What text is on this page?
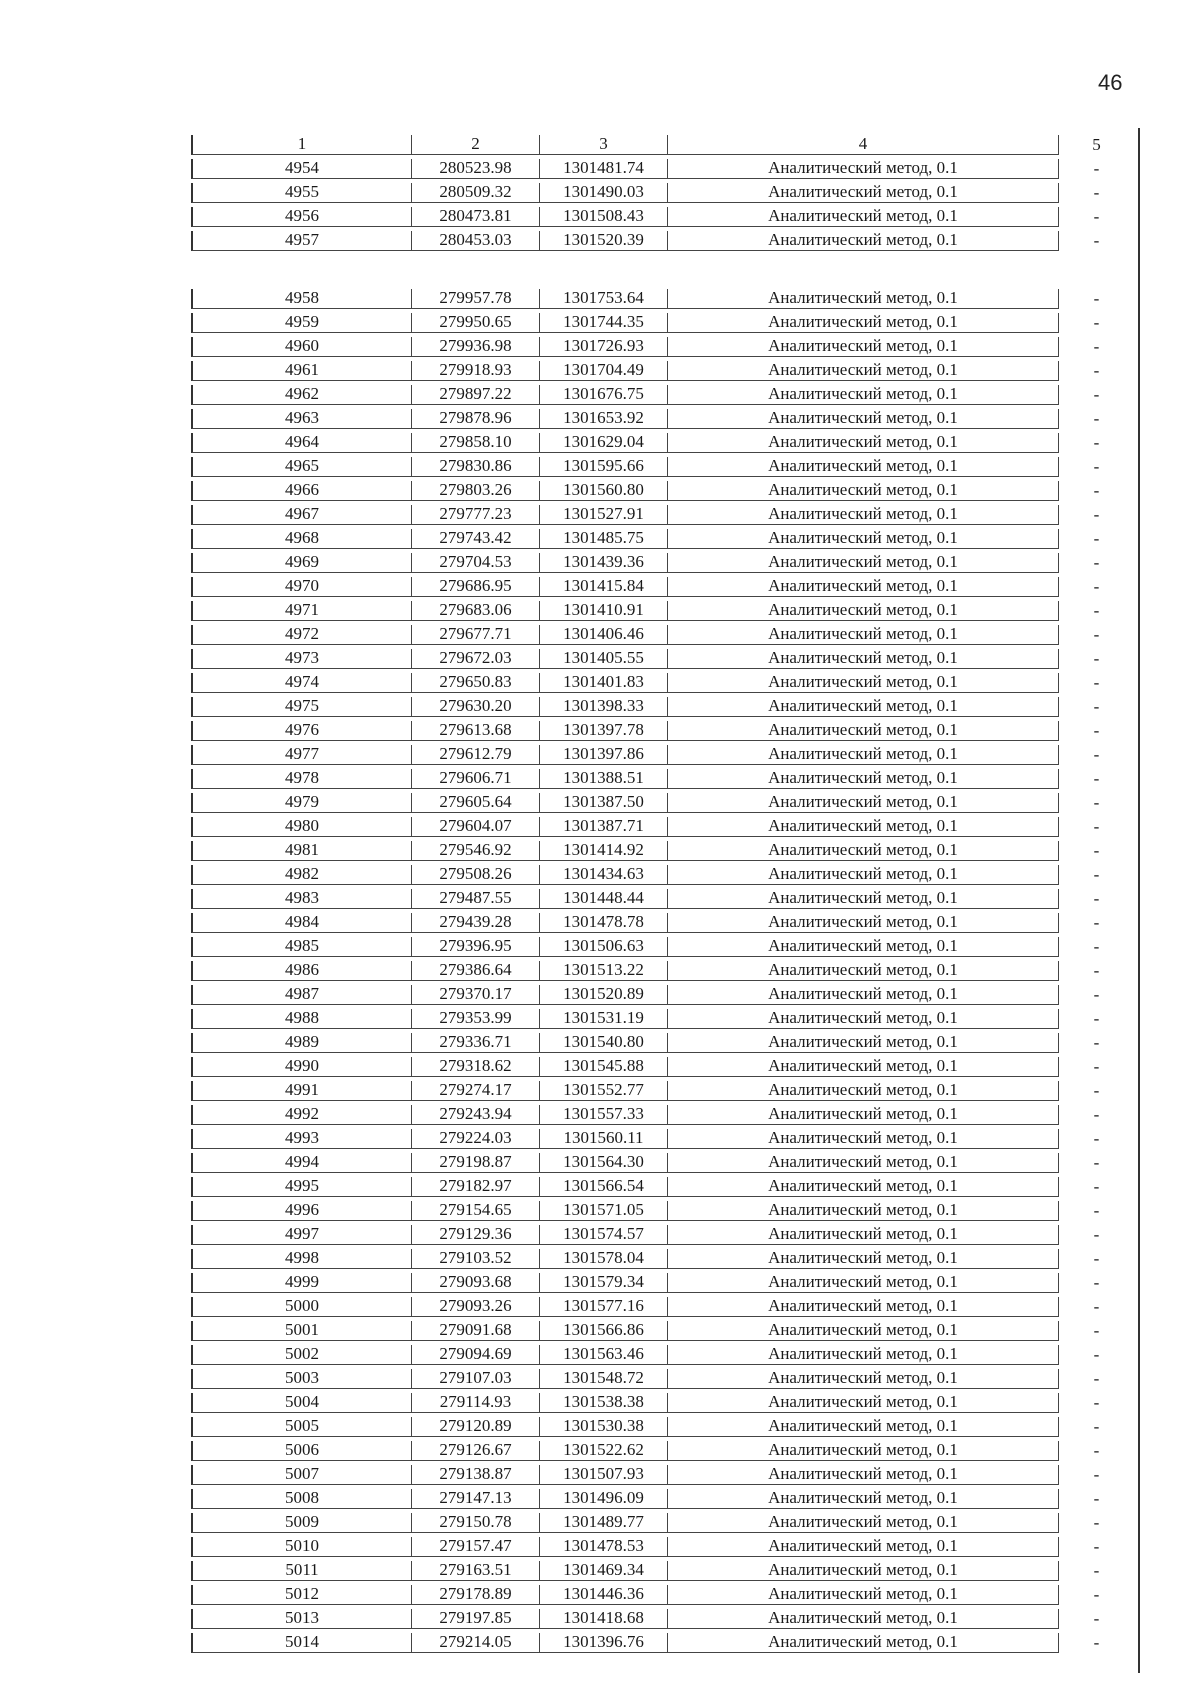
46
1	2	3	4	5
4954	280523.98	1301481.74	Аналитический метод, 0.1	-
4955	280509.32	1301490.03	Аналитический метод, 0.1	-
4956	280473.81	1301508.43	Аналитический метод, 0.1	-
4957	280453.03	1301520.39	Аналитический метод, 0.1	-
4958	279957.78	1301753.64	Аналитический метод, 0.1	-
4959	279950.65	1301744.35	Аналитический метод, 0.1	-
4960	279936.98	1301726.93	Аналитический метод, 0.1	-
4961	279918.93	1301704.49	Аналитический метод, 0.1	-
4962	279897.22	1301676.75	Аналитический метод, 0.1	-
4963	279878.96	1301653.92	Аналитический метод, 0.1	-
4964	279858.10	1301629.04	Аналитический метод, 0.1	-
4965	279830.86	1301595.66	Аналитический метод, 0.1	-
4966	279803.26	1301560.80	Аналитический метод, 0.1	-
4967	279777.23	1301527.91	Аналитический метод, 0.1	-
4968	279743.42	1301485.75	Аналитический метод, 0.1	-
4969	279704.53	1301439.36	Аналитический метод, 0.1	-
4970	279686.95	1301415.84	Аналитический метод, 0.1	-
4971	279683.06	1301410.91	Аналитический метод, 0.1	-
4972	279677.71	1301406.46	Аналитический метод, 0.1	-
4973	279672.03	1301405.55	Аналитический метод, 0.1	-
4974	279650.83	1301401.83	Аналитический метод, 0.1	-
4975	279630.20	1301398.33	Аналитический метод, 0.1	-
4976	279613.68	1301397.78	Аналитический метод, 0.1	-
4977	279612.79	1301397.86	Аналитический метод, 0.1	-
4978	279606.71	1301388.51	Аналитический метод, 0.1	-
4979	279605.64	1301387.50	Аналитический метод, 0.1	-
4980	279604.07	1301387.71	Аналитический метод, 0.1	-
4981	279546.92	1301414.92	Аналитический метод, 0.1	-
4982	279508.26	1301434.63	Аналитический метод, 0.1	-
4983	279487.55	1301448.44	Аналитический метод, 0.1	-
4984	279439.28	1301478.78	Аналитический метод, 0.1	-
4985	279396.95	1301506.63	Аналитический метод, 0.1	-
4986	279386.64	1301513.22	Аналитический метод, 0.1	-
4987	279370.17	1301520.89	Аналитический метод, 0.1	-
4988	279353.99	1301531.19	Аналитический метод, 0.1	-
4989	279336.71	1301540.80	Аналитический метод, 0.1	-
4990	279318.62	1301545.88	Аналитический метод, 0.1	-
4991	279274.17	1301552.77	Аналитический метод, 0.1	-
4992	279243.94	1301557.33	Аналитический метод, 0.1	-
4993	279224.03	1301560.11	Аналитический метод, 0.1	-
4994	279198.87	1301564.30	Аналитический метод, 0.1	-
4995	279182.97	1301566.54	Аналитический метод, 0.1	-
4996	279154.65	1301571.05	Аналитический метод, 0.1	-
4997	279129.36	1301574.57	Аналитический метод, 0.1	-
4998	279103.52	1301578.04	Аналитический метод, 0.1	-
4999	279093.68	1301579.34	Аналитический метод, 0.1	-
5000	279093.26	1301577.16	Аналитический метод, 0.1	-
5001	279091.68	1301566.86	Аналитический метод, 0.1	-
5002	279094.69	1301563.46	Аналитический метод, 0.1	-
5003	279107.03	1301548.72	Аналитический метод, 0.1	-
5004	279114.93	1301538.38	Аналитический метод, 0.1	-
5005	279120.89	1301530.38	Аналитический метод, 0.1	-
5006	279126.67	1301522.62	Аналитический метод, 0.1	-
5007	279138.87	1301507.93	Аналитический метод, 0.1	-
5008	279147.13	1301496.09	Аналитический метод, 0.1	-
5009	279150.78	1301489.77	Аналитический метод, 0.1	-
5010	279157.47	1301478.53	Аналитический метод, 0.1	-
5011	279163.51	1301469.34	Аналитический метод, 0.1	-
5012	279178.89	1301446.36	Аналитический метод, 0.1	-
5013	279197.85	1301418.68	Аналитический метод, 0.1	-
5014	279214.05	1301396.76	Аналитический метод, 0.1	-
